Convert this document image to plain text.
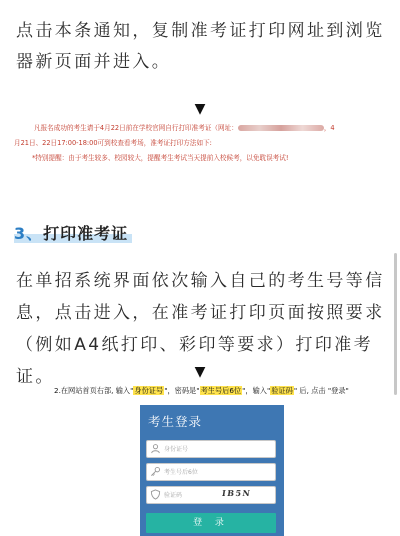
点击本条通知，复制准考证打印网址到浏览器新页面并进入。
▼

凡报名成功的考生请于4月22日前在学校官网自行打印准考证（网址：	，4

月21日、22日17:00-18:00可到校查看考场，准考证打印方法如下:

*特别提醒：由于考生较多、校园较大，提醒考生考试当天提前入校候考，以免耽误考试!

3、打印准考证
在单招系统界面依次输入自己的考生号等信息，点击进入，在准考证打印页面按照要求（例如A4纸打印、彩印等要求）打印准考证。	▼
2.在网站首页右部, 输入"身份证号"，密码是"考生号后6位"，输入"验证码" 后, 点击 "登录"
考生登录
身份证号
考生号后6位
验证码	IB5N
登 录
